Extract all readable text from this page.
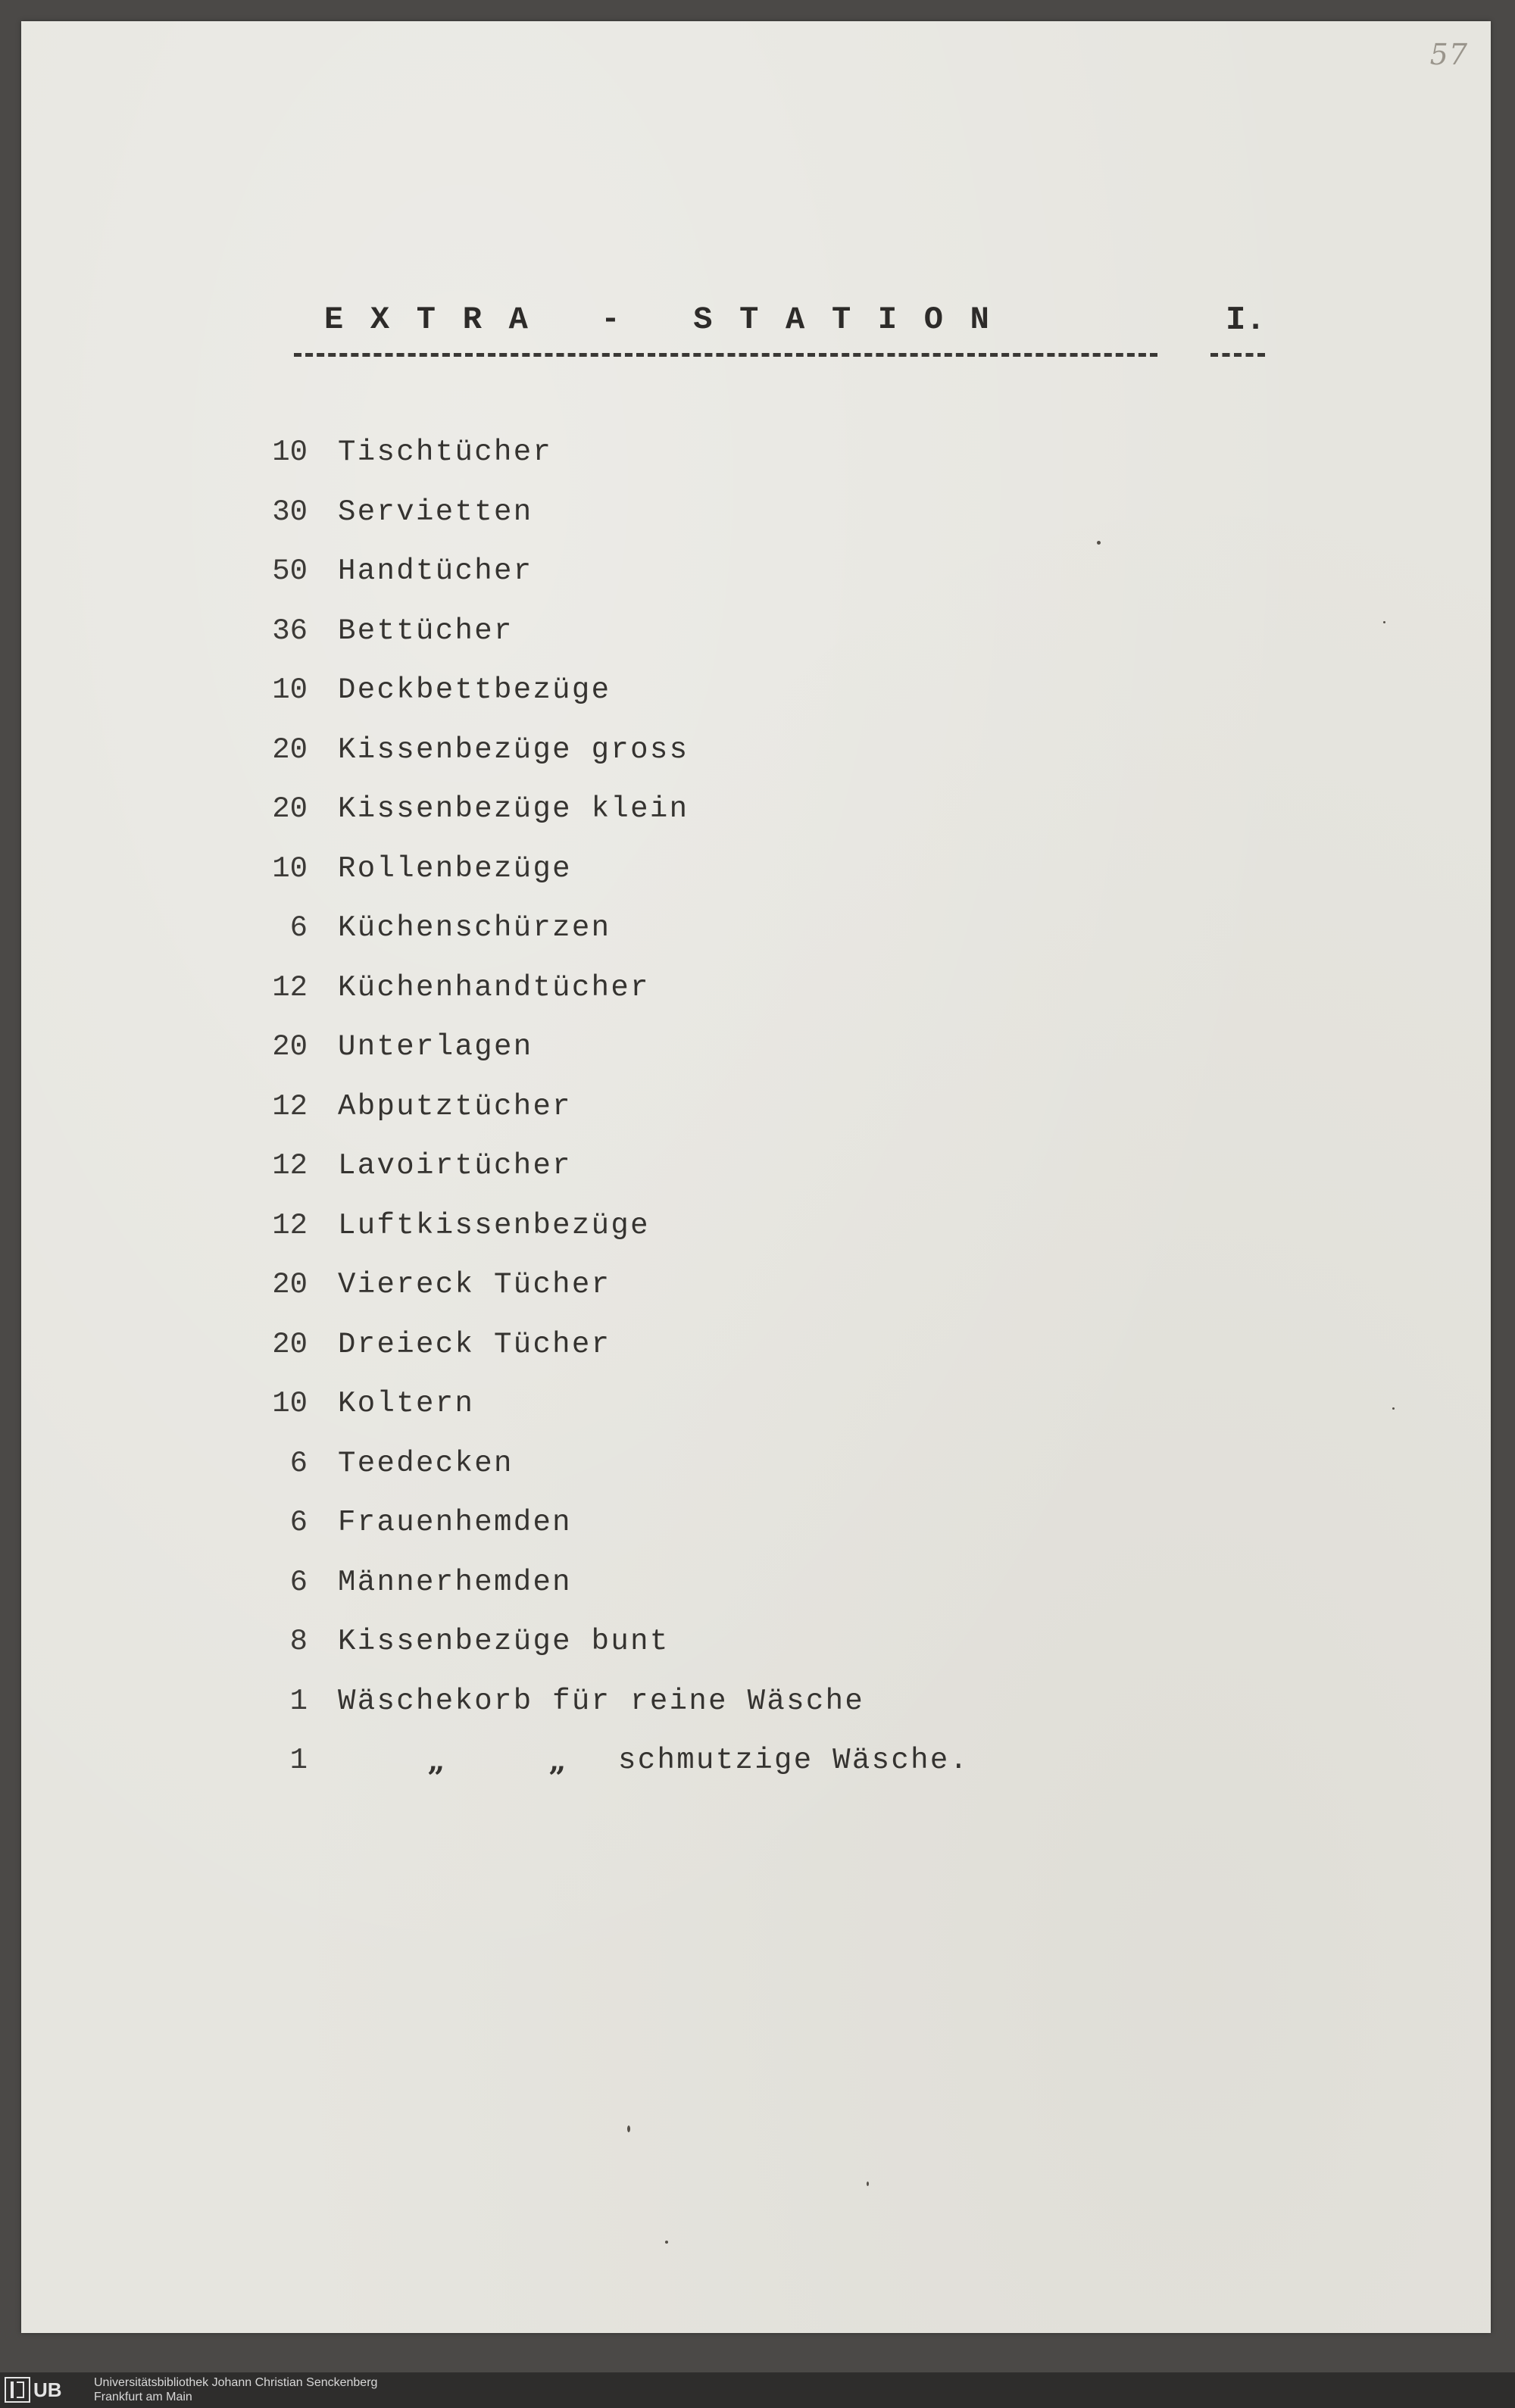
57
EXTRA - STATION	I.
10 Tischtücher
30 Servietten
50 Handtücher
36 Bettücher
10 Deckbettbezüge
20 Kissenbezüge gross
20 Kissenbezüge klein
10 Rollenbezüge
6 Küchenschürzen
12 Küchenhandtücher
20 Unterlagen
12 Abputztücher
12 Lavoirtücher
12 Luftkissenbezüge
20 Viereck Tücher
20 Dreieck Tücher
10 Koltern
6 Teedecken
6 Frauenhemden
6 Männerhemden
8 Kissenbezüge bunt
1 Wäschekorb für reine Wäsche
1	„	„	schmutzige Wäsche.
UB	Universitätsbibliothek Johann Christian Senckenberg
Frankfurt am Main
